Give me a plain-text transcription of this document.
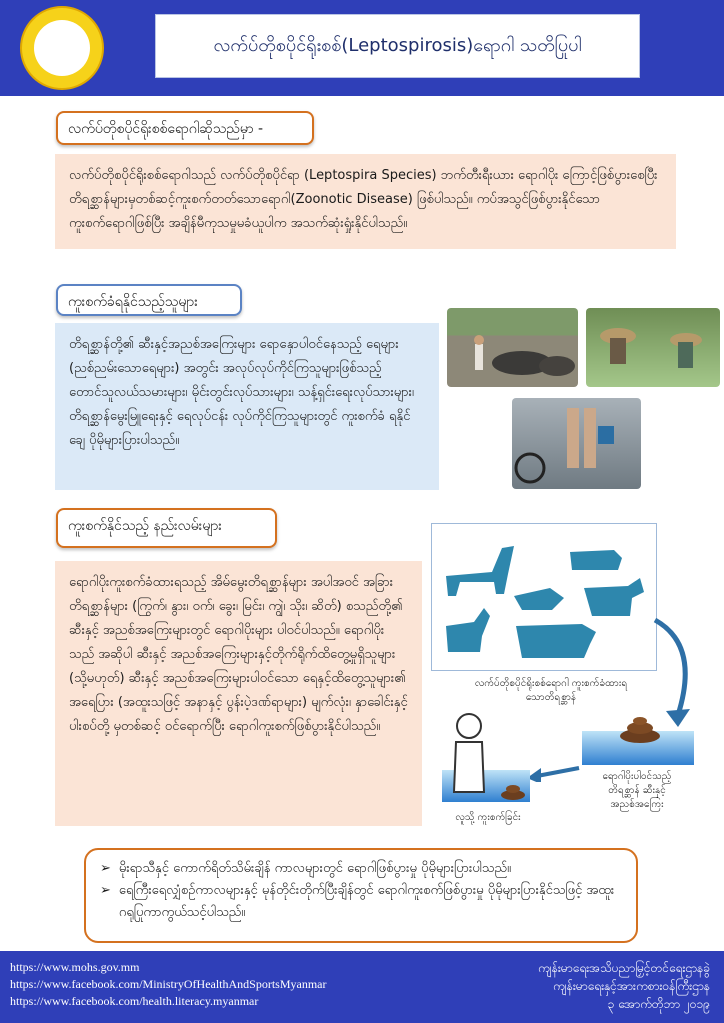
လက်ပ်တိုစပိုင်ရိုးစစ်(Leptospirosis)ရောဂါ သတိပြုပါ
လက်ပ်တိုစပိုင်ရိုးစစ်ရောဂါဆိုသည်မှာ -
လက်ပ်တိုစပိုင်ရိုးစစ်ရောဂါသည် လက်ပ်တိုစပိုင်ရာ (Leptospira Species) ဘက်တီးရီးယား ရောဂါပိုး ကြောင့်ဖြစ်ပွားစေပြီး တိရစ္ဆာန်များမှတစ်ဆင့်ကူးစက်တတ်သောရောဂါ(Zoonotic Disease) ဖြစ်ပါသည်။ ကပ်အသွင်ဖြစ်ပွားနိုင်သော ကူးစက်ရောဂါဖြစ်ပြီး အချိန်မီကုသမှုမခံယူပါက အသက်ဆုံးရှုံးနိုင်ပါသည်။
ကူးစက်ခံရနိုင်သည့်သူများ
တိရစ္ဆာန်တို့၏ ဆီးနှင့်အညစ်အကြေးများ ရောနှောပါဝင်နေသည့် ရေများ (ညစ်ညမ်းသောရေများ) အတွင်း အလုပ်လုပ်ကိုင်ကြသူများဖြစ်သည့် တောင်သူလယ်သမားများ၊ မိုင်းတွင်းလုပ်သားများ၊ သန့်ရှင်းရေးလုပ်သားများ၊ တိရစ္ဆာန်မွေးမြူရေးနှင့် ရေလုပ်ငန်း လုပ်ကိုင်ကြသူများတွင် ကူးစက်ခံ ရနိုင်ချေ ပိုမိုများပြားပါသည်။
ကူးစက်နိုင်သည့် နည်းလမ်းများ
ရောဂါပိုးကူးစက်ခံထားရသည့် အိမ်မွေးတိရစ္ဆာန်များ အပါအဝင် အခြားတိရစ္ဆာန်များ (ကြွက်၊ နွား၊ ဝက်၊ ခွေး၊ မြင်း၊ ကျွဲ၊ သိုး၊ ဆိတ်) စသည်တို့၏ ဆီးနှင့် အညစ်အကြေးများတွင် ရောဂါပိုးများ ပါဝင်ပါသည်။ ရောဂါပိုးသည် အဆိုပါ ဆီးနှင့် အညစ်အကြေးများနှင့်တိုက်ရိုက်ထိတွေ့မှုရှိသူများ (သို့မဟုတ်) ဆီးနှင့် အညစ်အကြေးများပါဝင်သော ရေနှင့်ထိတွေ့သူများ၏ အရေပြား (အထူးသဖြင့် အနာနှင့် ပွန်းပဲ့ဒဏ်ရာများ) မျက်လုံး၊ နှာခေါင်းနှင့် ပါးစပ်တို့ မှတစ်ဆင့် ဝင်ရောက်ပြီး ရောဂါကူးစက်ဖြစ်ပွားနိုင်ပါသည်။
လက်ပ်တိုစပိုင်ရိုးစစ်ရောဂါ ကူးစက်ခံထားရသောတိရစ္ဆာန်
ရောဂါပိုးပါဝင်သည့် တိရစ္ဆာန် ဆီးနှင့် အညစ်အကြေး
လူသို့ ကူးစက်ခြင်း
➢ မိုးရာသီနှင့် ကောက်ရိတ်သိမ်းချိန် ကာလများတွင် ရောဂါဖြစ်ပွားမှု ပိုမိုများပြားပါသည်။
➢ ရေကြီးရေလျှံစဉ်ကာလများနှင့် မုန်တိုင်းတိုက်ပြီးချိန်တွင် ရောဂါကူးစက်ဖြစ်ပွားမှု ပိုမိုများပြားနိုင်သဖြင့် အထူးဂရုပြုကာကွယ်သင့်ပါသည်။
https://www.mohs.gov.mm
https://www.facebook.com/MinistryOfHealthAndSportsMyanmar
https://www.facebook.com/health.literacy.myanmar
ကျန်းမာရေးအသိပညာမြှင့်တင်ရေးဌာနခွဲ
ကျန်းမာရေးနှင့်အားကစားဝန်ကြီးဌာန
၃ အောက်တိုဘာ ၂၀၁၉
